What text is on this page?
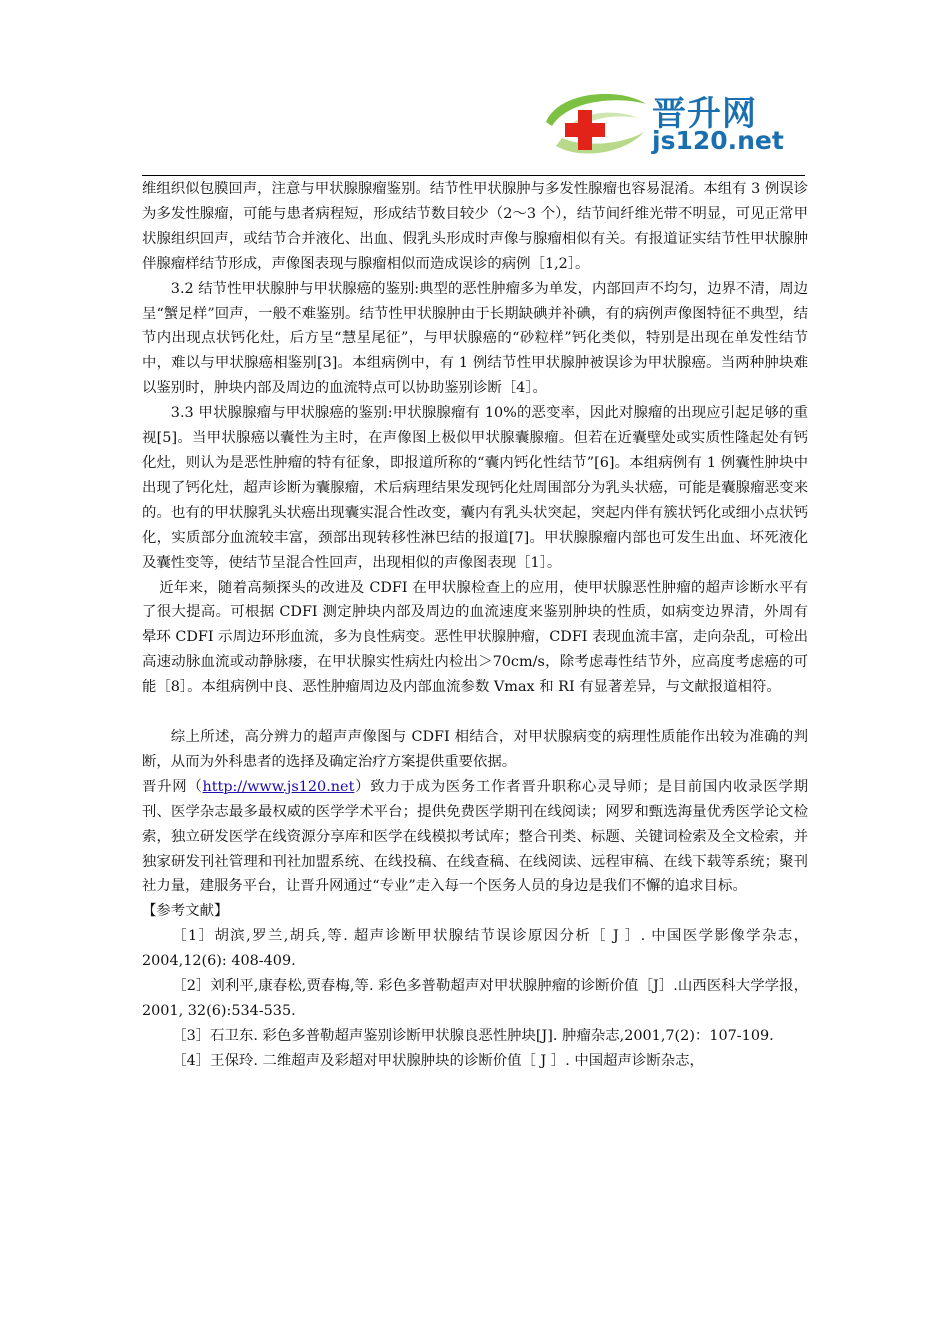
晋升网
js120.net

维组织似包膜回声，注意与甲状腺腺瘤鉴别。结节性甲状腺肿与多发性腺瘤也容易混淆。本组有 3 例误诊为多发性腺瘤，可能与患者病程短，形成结节数目较少（2～3 个），结节间纤维光带不明显，可见正常甲状腺组织回声，或结节合并液化、出血、假乳头形成时声像与腺瘤相似有关。有报道证实结节性甲状腺肿伴腺瘤样结节形成，声像图表现与腺瘤相似而造成误诊的病例［1,2］。

3.2 结节性甲状腺肿与甲状腺癌的鉴别:典型的恶性肿瘤多为单发，内部回声不均匀，边界不清，周边呈“蟹足样”回声，一般不难鉴别。结节性甲状腺肿由于长期缺碘并补碘，有的病例声像图特征不典型，结节内出现点状钙化灶，后方呈“慧星尾征”，与甲状腺癌的“砂粒样”钙化类似，特别是出现在单发性结节中，难以与甲状腺癌相鉴别[3]。本组病例中，有 1 例结节性甲状腺肿被误诊为甲状腺癌。当两种肿块难以鉴别时，肿块内部及周边的血流特点可以协助鉴别诊断［4］。

3.3 甲状腺腺瘤与甲状腺癌的鉴别:甲状腺腺瘤有 10%的恶变率，因此对腺瘤的出现应引起足够的重视[5]。当甲状腺癌以囊性为主时，在声像图上极似甲状腺囊腺瘤。但若在近囊壁处或实质性隆起处有钙化灶，则认为是恶性肿瘤的特有征象，即报道所称的“囊内钙化性结节”[6]。本组病例有 1 例囊性肿块中出现了钙化灶，超声诊断为囊腺瘤，术后病理结果发现钙化灶周围部分为乳头状癌，可能是囊腺瘤恶变来的。也有的甲状腺乳头状癌出现囊实混合性改变，囊内有乳头状突起，突起内伴有簇状钙化或细小点状钙化，实质部分血流较丰富，颈部出现转移性淋巴结的报道[7]。甲状腺腺瘤内部也可发生出血、坏死液化及囊性变等，使结节呈混合性回声，出现相似的声像图表现［1］。

近年来，随着高频探头的改进及 CDFI 在甲状腺检查上的应用，使甲状腺恶性肿瘤的超声诊断水平有了很大提高。可根据 CDFI 测定肿块内部及周边的血流速度来鉴别肿块的性质，如病变边界清，外周有晕环 CDFI 示周边环形血流，多为良性病变。恶性甲状腺肿瘤，CDFI 表现血流丰富，走向杂乱，可检出高速动脉血流或动静脉瘘，在甲状腺实性病灶内检出＞70cm/s，除考虑毒性结节外，应高度考虑癌的可能［8］。本组病例中良、恶性肿瘤周边及内部血流参数 Vmax 和 RI 有显著差异，与文献报道相符。

综上所述，高分辨力的超声声像图与 CDFI 相结合，对甲状腺病变的病理性质能作出较为准确的判断，从而为外科患者的选择及确定治疗方案提供重要依据。

晋升网（http://www.js120.net）致力于成为医务工作者晋升职称心灵导师；是目前国内收录医学期刊、医学杂志最多最权威的医学学术平台；提供免费医学期刊在线阅读；网罗和甄选海量优秀医学论文检索，独立研发医学在线资源分享库和医学在线模拟考试库；整合刊类、标题、关键词检索及全文检索，并独家研发刊社管理和刊社加盟系统、在线投稿、在线查稿、在线阅读、远程审稿、在线下载等系统；聚刊社力量，建服务平台，让晋升网通过“专业”走入每一个医务人员的身边是我们不懈的追求目标。

【参考文献】

［1］胡滨,罗兰,胡兵,等. 超声诊断甲状腺结节误诊原因分析［ J ］. 中国医学影像学杂志，2004,12(6): 408-409.

［2］刘利平,康春松,贾春梅,等. 彩色多普勒超声对甲状腺肿瘤的诊断价值［J］.山西医科大学学报，2001, 32(6):534-535.

［3］石卫东. 彩色多普勒超声鉴别诊断甲状腺良恶性肿块[J]. 肿瘤杂志,2001,7(2)：107-109.

［4］王保玲. 二维超声及彩超对甲状腺肿块的诊断价值［ J ］. 中国超声诊断杂志，
